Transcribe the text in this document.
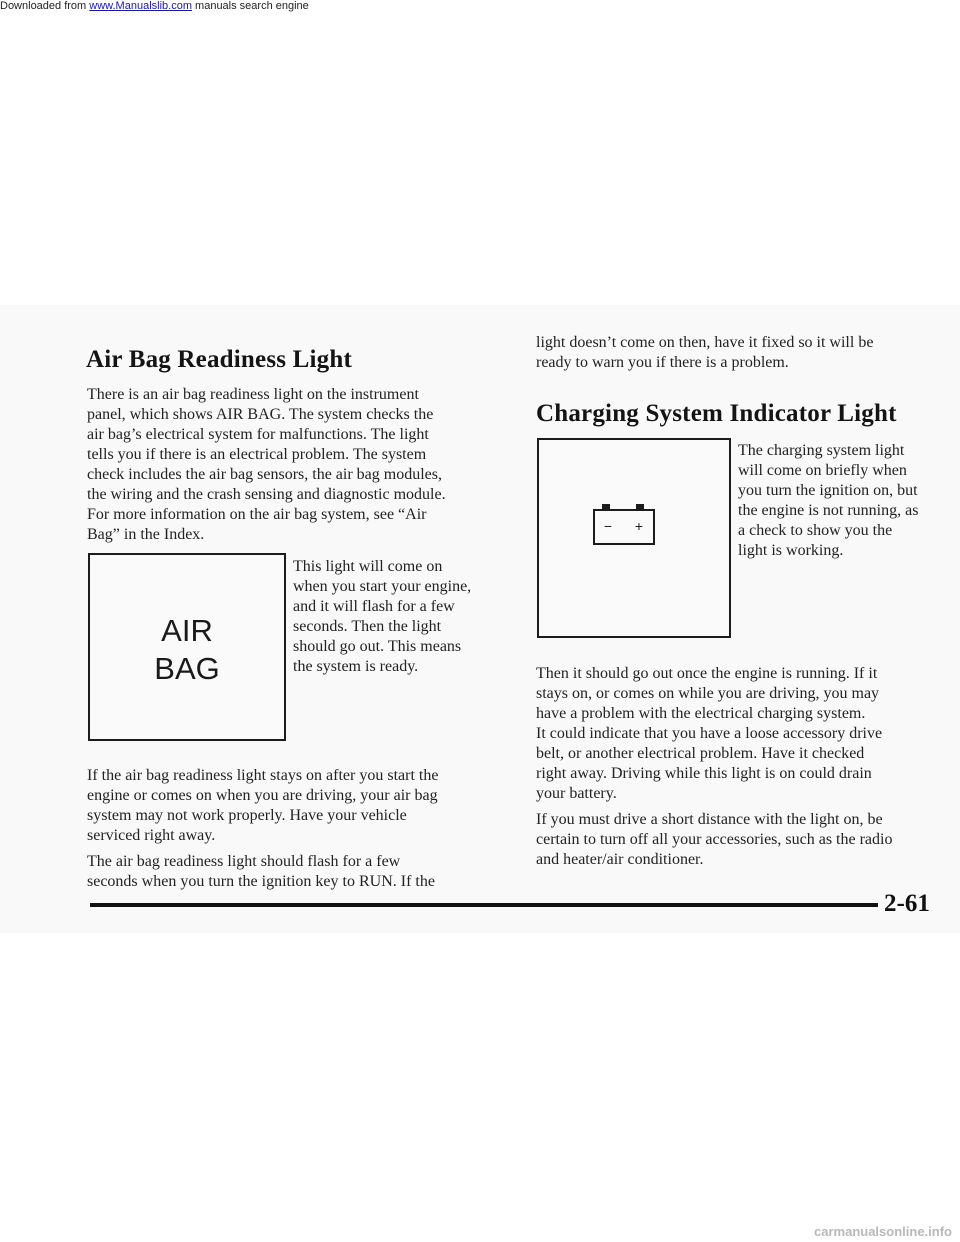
Downloaded from www.Manualslib.com manuals search engine
Air Bag Readiness Light

There is an air bag readiness light on the instrument

panel, which shows AIR BAG. The system checks the

air bag’s electrical system for malfunctions. The light

tells you if there is an electrical problem. The system

check includes the air bag sensors, the air bag modules,

the wiring and the crash sensing and diagnostic module.

For more information on the air bag system, see “Air

Bag” in the Index.

AIR
BAG

This light will come on

when you start your engine,

and it will flash for a few

seconds. Then the light

should go out. This means

the system is ready.

If the air bag readiness light stays on after you start the

engine or comes on when you are driving, your air bag

system may not work properly. Have your vehicle

serviced right away.

The air bag readiness light should flash for a few

seconds when you turn the ignition key to RUN. If the

light doesn’t come on then, have it fixed so it will be

ready to warn you if there is a problem.

Charging System Indicator Light
− +

The charging system light

will come on briefly when

you turn the ignition on, but

the engine is not running, as

a check to show you the

light is working.

Then it should go out once the engine is running. If it

stays on, or comes on while you are driving, you may

have a problem with the electrical charging system.

It could indicate that you have a loose accessory drive

belt, or another electrical problem. Have it checked

right away. Driving while this light is on could drain

your battery.

If you must drive a short distance with the light on, be

certain to turn off all your accessories, such as the radio

and heater/air conditioner.

2-61
carmanualsonline.info
